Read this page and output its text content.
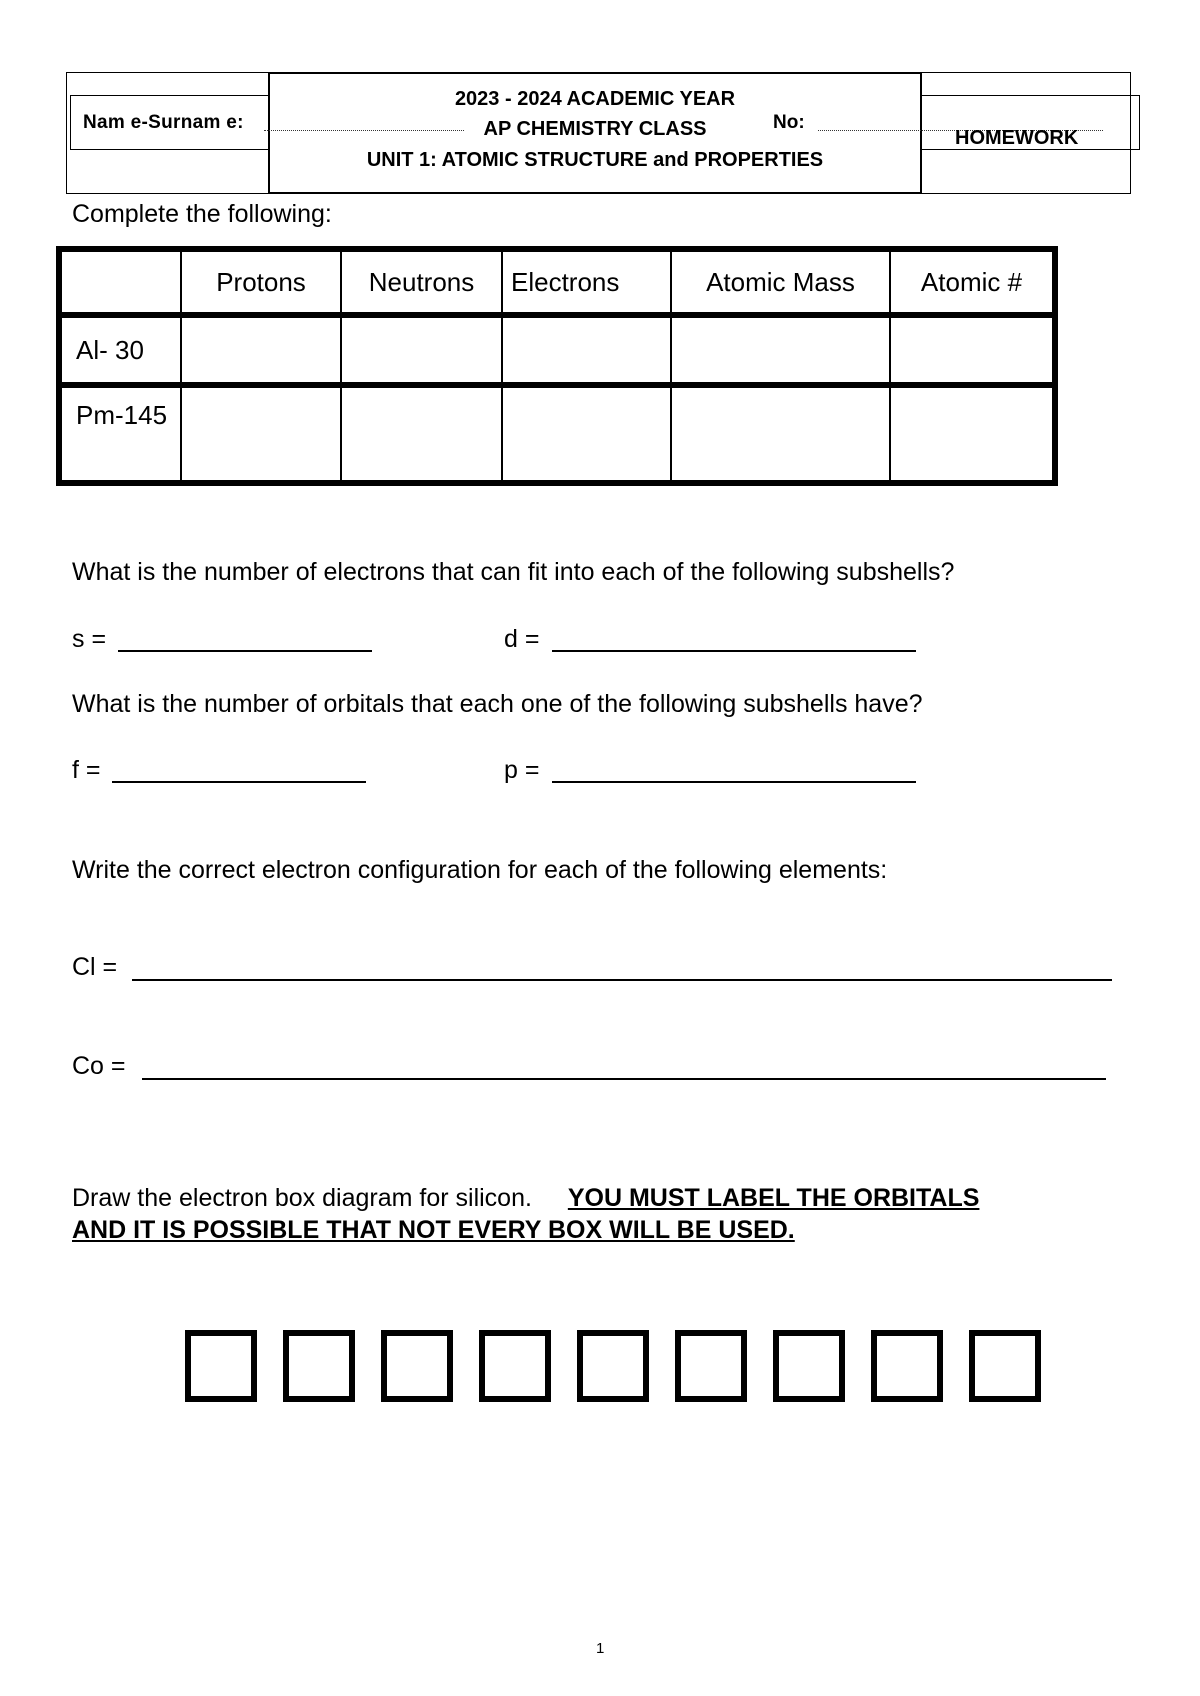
2023 - 2024 ACADEMIC YEAR
AP CHEMISTRY CLASS
UNIT 1: ATOMIC STRUCTURE and PROPERTIES
Nam e-Surnam e:	No:
HOMEWORK
Complete the following:
	Protons	Neutrons	Electrons	Atomic Mass	Atomic #
Al- 30					
Pm-145					
What is the number of electrons that can fit into each of the following subshells?
s =	d =
What is the number of orbitals that each one of the following subshells have?
f =	p =
Write the correct electron configuration for each of the following elements:
Cl =
Co =
Draw the electron box diagram for silicon. YOU MUST LABEL THE ORBITALS
AND IT IS POSSIBLE THAT NOT EVERY BOX WILL BE USED.
1
